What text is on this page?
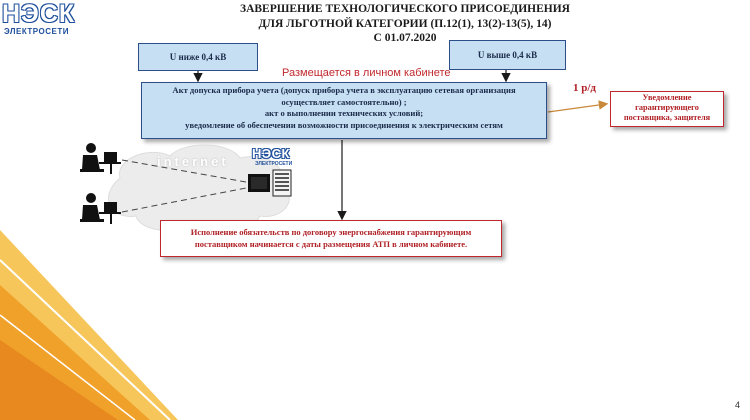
НЭСК
ЭЛЕКТРОСЕТИ
ЗАВЕРШЕНИЕ ТЕХНОЛОГИЧЕСКОГО ПРИСОЕДИНЕНИЯ
ДЛЯ ЛЬГОТНОЙ КАТЕГОРИИ (П.12(1), 13(2)-13(5), 14)
С 01.07.2020
U ниже 0,4 кВ	U выше 0,4 кВ
Размещается в личном кабинете
Акт допуска прибора учета (допуск прибора учета в эксплуатацию сетевая организация
осуществляет самостоятельно) ;
акт о выполнении технических условий;
уведомление об обеспечении возможности присоединения к электрическим сетям
1 р/д
Уведомление
гарантирующего
поставщика, защителя
internet
НЭСК
ЭЛЕКТРОСЕТИ
Исполнение обязательств по договору энергоснабжения гарантирующим
поставщиком начинается с даты размещения АТП в личном кабинете.
4
